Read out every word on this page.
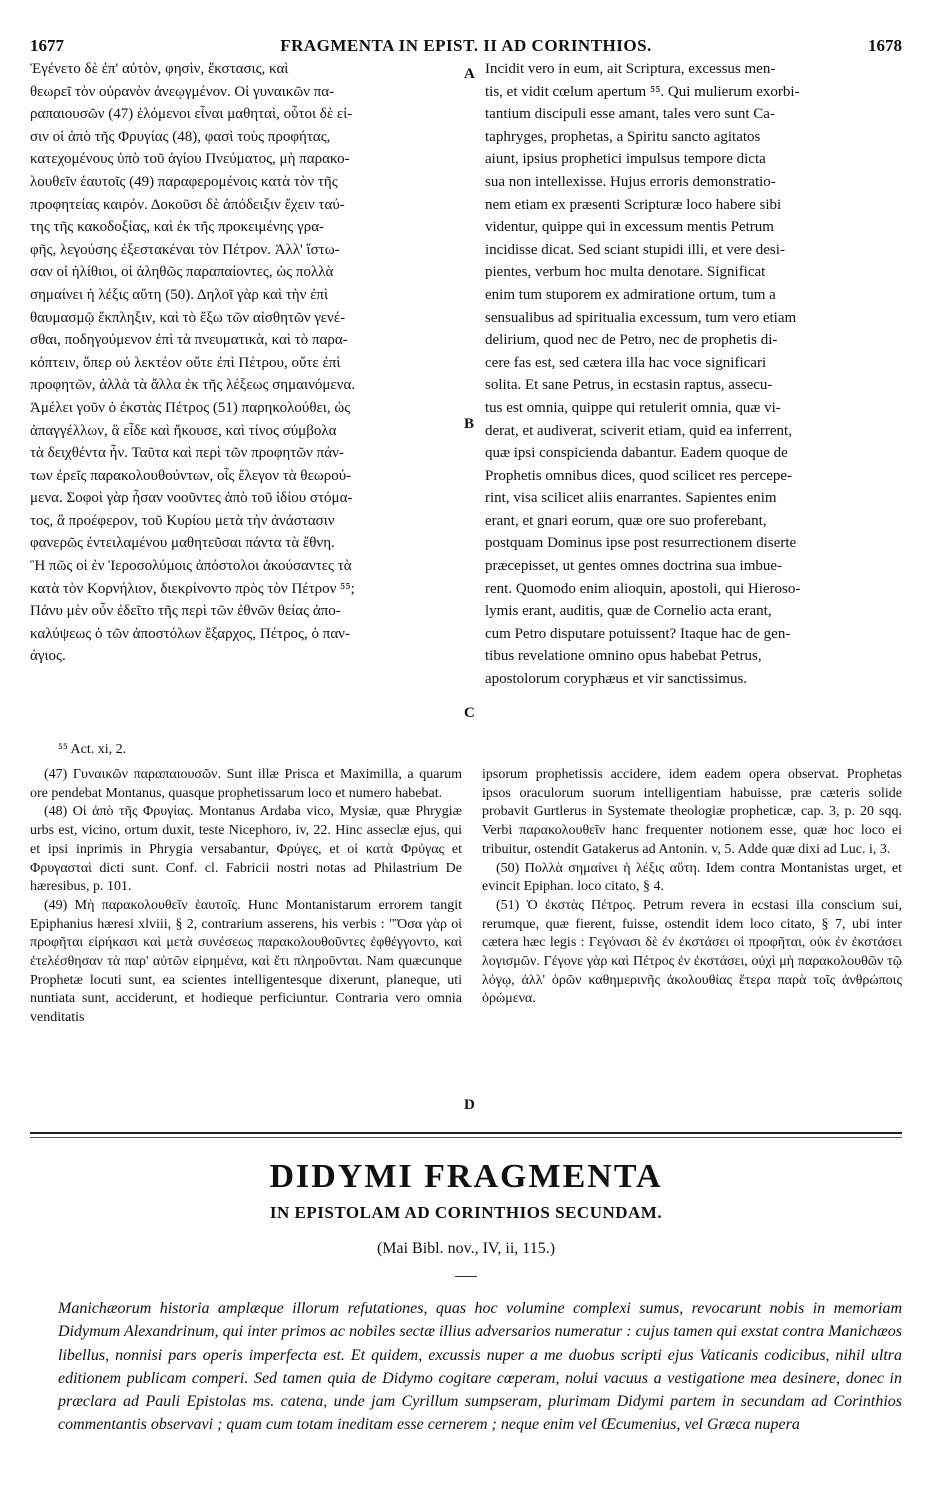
1677	FRAGMENTA IN EPIST. II AD CORINTHIOS.	1678
Ἐγένετο δὲ ἐπ' αὐτὸν, φησὶν, ἔκστασις, καὶ
θεωρεῖ τὸν οὐρανὸν ἀνεῳγμένον. Οἱ γυναικῶν πα-
ραπαιουσῶν (47) ἑλόμενοι εἶναι μαθηταὶ, οὗτοι δὲ εἰ-
σιν οἱ ἀπὸ τῆς Φρυγίας (48), φασὶ τοὺς προφήτας,
κατεχομένους ὑπὸ τοῦ ἁγίου Πνεύματος, μὴ παρακο-
λουθεῖν ἑαυτοῖς (49) παραφερομένοις κατὰ τὸν τῆς
προφητείας καιρόν. Δοκοῦσι δὲ ἀπόδειξιν ἔχειν ταύ-
της τῆς κακοδοξίας, καὶ ἐκ τῆς προκειμένης γρα-
φῆς, λεγούσης ἐξεστακέναι τὸν Πέτρον. Ἀλλ' ἴστω-
σαν οἱ ἠλίθιοι, οἱ ἀληθῶς παραπαίοντες, ὡς πολλὰ
σημαίνει ἡ λέξις αὕτη (50). Δηλοῖ γὰρ καὶ τὴν ἐπὶ
θαυμασμῷ ἔκπληξιν, καὶ τὸ ἔξω τῶν αἰσθητῶν γενέ-
σθαι, ποδηγούμενον ἐπὶ τὰ πνευματικὰ, καὶ τὸ παρα-
κόπτειν, ὅπερ οὐ λεκτέον οὔτε ἐπὶ Πέτρου, οὔτε ἐπὶ
προφητῶν, ἀλλὰ τὰ ἄλλα ἐκ τῆς λέξεως σημαινόμενα.
Ἀμέλει γοῦν ὁ ἐκστὰς Πέτρος (51) παρηκολούθει, ὡς
ἀπαγγέλλων, ἃ εἶδε καὶ ἤκουσε, καὶ τίνος σύμβολα
τὰ δειχθέντα ἦν. Ταῦτα καὶ περὶ τῶν προφητῶν πάν-
των ἐρεῖς παρακολουθούντων, οἷς ἔλεγον τὰ θεωρού-
μενα. Σοφοὶ γὰρ ἦσαν νοοῦντες ἀπὸ τοῦ ἰδίου στόμα-
τος, ἃ προέφερον, τοῦ Κυρίου μετὰ τὴν ἀνάστασιν
φανερῶς ἐντειλαμένου μαθητεῦσαι πάντα τὰ ἔθνη.
Ἢ πῶς οἱ ἐν Ἱεροσολύμοις ἀπόστολοι ἀκούσαντες τὰ
κατὰ τὸν Κορνήλιον, διεκρίνοντο πρὸς τὸν Πέτρον ⁵⁵;
Πάνυ μὲν οὖν ἐδεῖτο τῆς περὶ τῶν ἐθνῶν θείας ἀπο-
καλύψεως ὁ τῶν ἀποστόλων ἔξαρχος, Πέτρος, ὁ παν-
άγιος.
Incidit vero in eum, ait Scriptura, excessus men-
tis, et vidit cœlum apertum ⁵⁵. Qui mulierum exorbi-
tantium discipuli esse amant, tales vero sunt Ca-
taphryges, prophetas, a Spiritu sancto agitatos
aiunt, ipsius prophetici impulsus tempore dicta
sua non intellexisse. Hujus erroris demonstratio-
nem etiam ex præsenti Scripturæ loco habere sibi
videntur, quippe qui in excessum mentis Petrum
incidisse dicat. Sed sciant stupidi illi, et vere desi-
pientes, verbum hoc multa denotare. Significat
enim tum stuporem ex admiratione ortum, tum a
sensualibus ad spiritualia excessum, tum vero etiam
delirium, quod nec de Petro, nec de prophetis di-
cere fas est, sed cætera illa hac voce significari
solita. Et sane Petrus, in ecstasin raptus, assecu-
tus est omnia, quippe qui retulerit omnia, quæ vi-
derat, et audiverat, sciverit etiam, quid ea inferrent,
quæ ipsi conspicienda dabantur. Eadem quoque de
Prophetis omnibus dices, quod scilicet res percepe-
rint, visa scilicet aliis enarrantes. Sapientes enim
erant, et gnari eorum, quæ ore suo proferebant,
postquam Dominus ipse post resurrectionem diserte
præcepisset, ut gentes omnes doctrina sua imbue-
rent. Quomodo enim alioquin, apostoli, qui Hieroso-
lymis erant, auditis, quæ de Cornelio acta erant,
cum Petro disputare potuissent? Itaque hac de gen-
tibus revelatione omnino opus habebat Petrus,
apostolorum coryphæus et vir sanctissimus.
A
B
C
D
⁵⁵ Act. xi, 2.
(47) Γυναικῶν παραπαιουσῶν. Sunt illæ Prisca et Maximilla, a quarum ore pendebat Montanus, quasque prophetissarum loco et numero habebat.
(48) Οἱ ἀπὸ τῆς Φρυγίας. Montanus Ardaba vico, Mysiæ, quæ Phrygiæ urbs est, vicino, ortum duxit, teste Nicephoro, iv, 22. Hinc asseclæ ejus, qui et ipsi inprimis in Phrygia versabantur, Φρύγες, et οἱ κατὰ Φρύγας et Φρυγασταὶ dicti sunt. Conf. cl. Fabricii nostri notas ad Philastrium De hæresibus, p. 101.
(49) Μὴ παρακολουθεῖν ἑαυτοῖς. Hunc Montanistarum errorem tangit Epiphanius hæresi xlviii, § 2, contrarium asserens, his verbis : "Ὅσα γὰρ οἱ προφῆται εἰρήκασι καὶ μετὰ συνέσεως παρακολουθοῦντες ἐφθέγγοντο, καὶ ἐτελέσθησαν τὰ παρ' αὐτῶν εἰρημένα, καὶ ἔτι πληροῦνται. Nam quæcunque Prophetæ locuti sunt, ea scientes intelligentesque dixerunt, planeque, uti nuntiata sunt, acciderunt, et hodieque perficiuntur. Contraria vero omnia venditatis
ipsorum prophetissis accidere, idem eadem opera observat. Prophetas ipsos oraculorum suorum intelligentiam habuisse, præ cæteris solide probavit Gurtlerus in Systemate theologiæ propheticæ, cap. 3, p. 20 sqq. Verbi παρακολουθεῖν hanc frequenter notionem esse, quæ hoc loco ei tribuitur, ostendit Gatakerus ad Antonin. v, 5. Adde quæ dixi ad Luc. i, 3.
(50) Πολλὰ σημαίνει ἡ λέξις αὕτη. Idem contra Montanistas urget, et evincit Epiphan. loco citato, § 4.
(51) Ὁ ἐκστὰς Πέτρος. Petrum revera in ecstasi illa conscium sui, rerumque, quæ fierent, fuisse, ostendit idem loco citato, § 7, ubi inter cætera hæc legis : Γεγόνασι δὲ ἐν ἐκστάσει οἱ προφῆται, οὐκ ἐν ἐκστάσει λογισμῶν. Γέγονε γὰρ καὶ Πέτρος ἐν ἐκστάσει, οὐχὶ μὴ παρακολουθῶν τῷ λόγῳ, ἀλλ' ὁρῶν καθημερινῆς ἀκολουθίας ἕτερα παρὰ τοῖς ἀνθρώποις ὁρώμενα.
DIDYMI FRAGMENTA
IN EPISTOLAM AD CORINTHIOS SECUNDAM.
(Mai Bibl. nov., IV, ii, 115.)
Manichæorum historia amplæque illorum refutationes, quas hoc volumine complexi sumus, revocarunt nobis in memoriam Didymum Alexandrinum, qui inter primos ac nobiles sectæ illius adversarios numeratur : cujus tamen qui exstat contra Manichæos libellus, nonnisi pars operis imperfecta est. Et quidem, excussis nuper a me duobus scripti ejus Vaticanis codicibus, nihil ultra editionem publicam comperi. Sed tamen quia de Didymo cogitare cœperam, nolui vacuus a vestigatione mea desinere, donec in præclara ad Pauli Epistolas ms. catena, unde jam Cyrillum sumpseram, plurimam Didymi partem in secundam ad Corinthios commentantis observavi ; quam cum totam ineditam esse cernerem ; neque enim vel Œcumenius, vel Græca nupera
